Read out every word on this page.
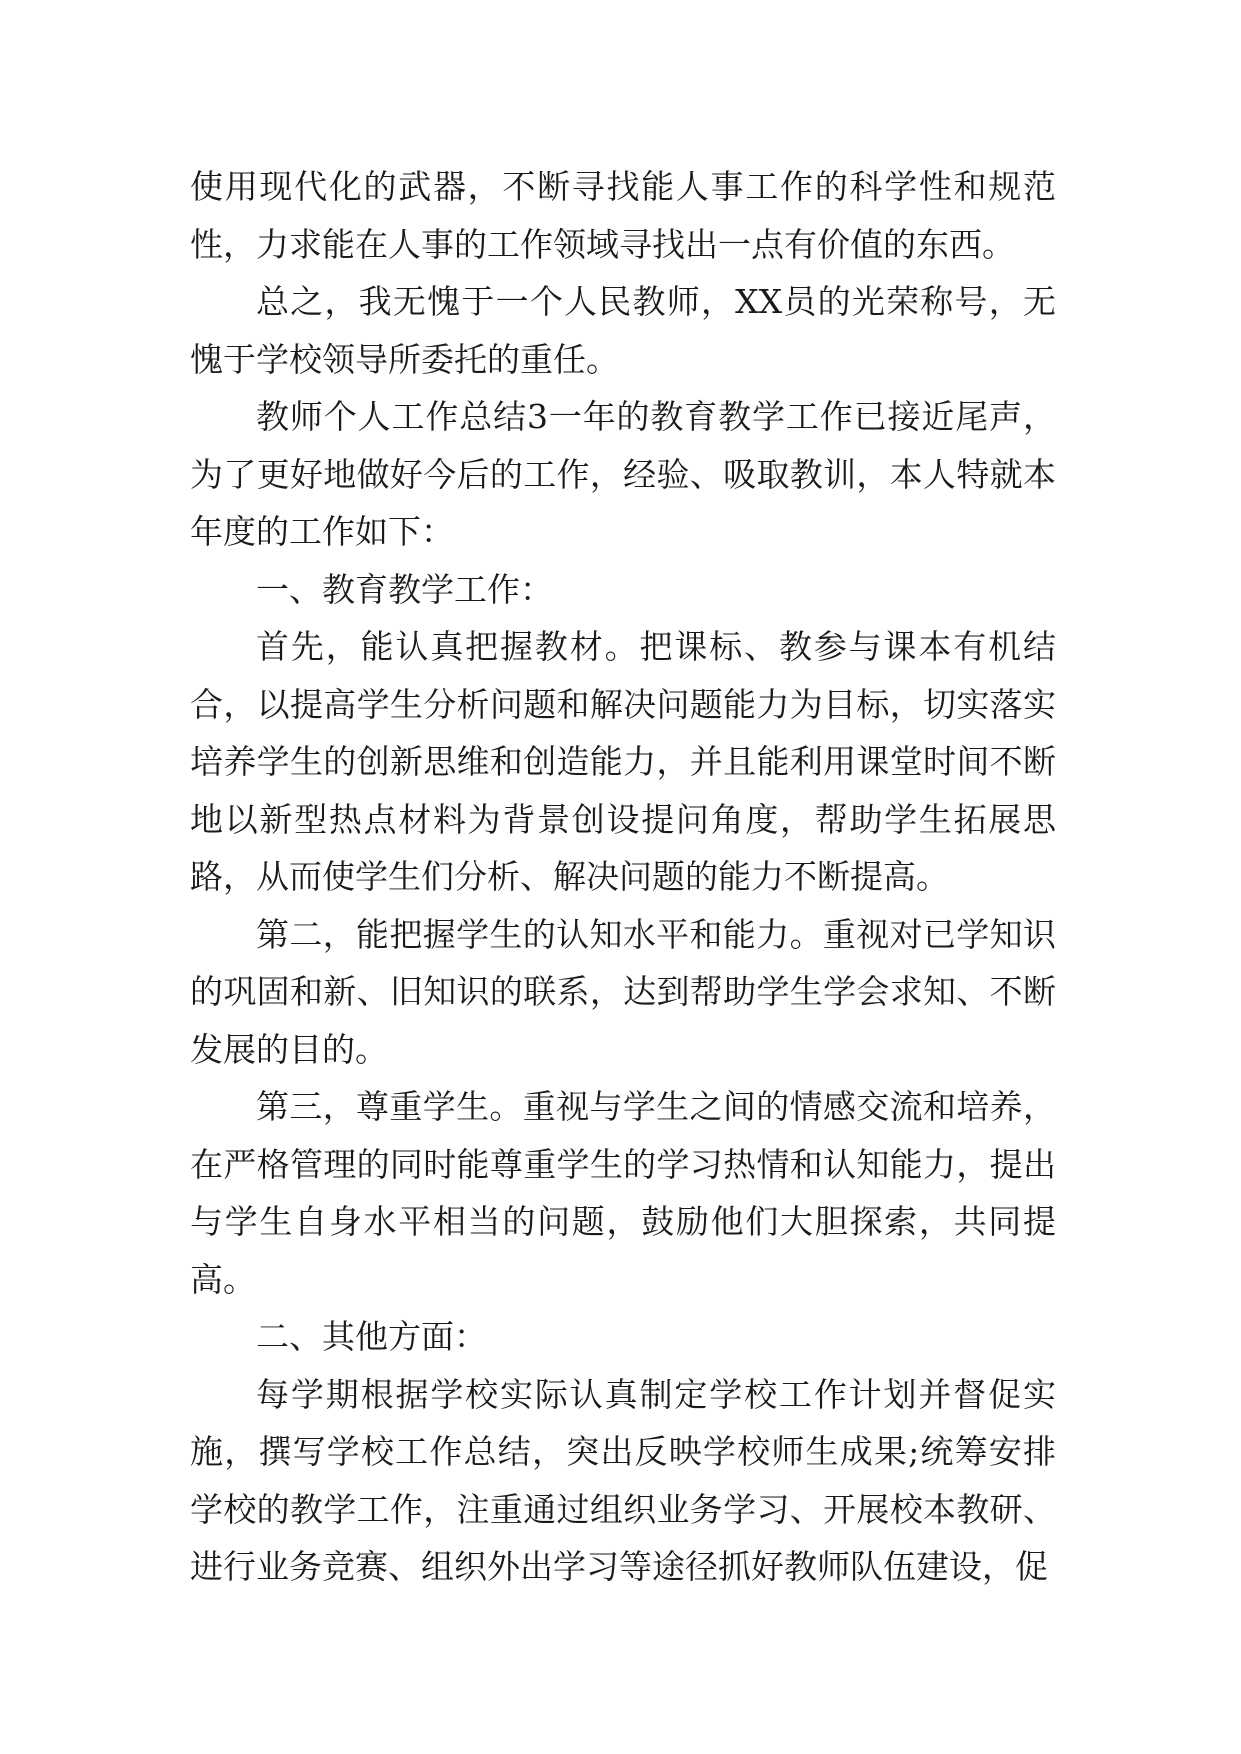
使用现代化的武器，不断寻找能人事工作的科学性和规范性，力求能在人事的工作领域寻找出一点有价值的东西。

总之，我无愧于一个人民教师，XX员的光荣称号，无愧于学校领导所委托的重任。

教师个人工作总结3一年的教育教学工作已接近尾声，为了更好地做好今后的工作，经验、吸取教训，本人特就本年度的工作如下：

一、教育教学工作：

首先，能认真把握教材。把课标、教参与课本有机结合，以提高学生分析问题和解决问题能力为目标，切实落实培养学生的创新思维和创造能力，并且能利用课堂时间不断地以新型热点材料为背景创设提问角度，帮助学生拓展思路，从而使学生们分析、解决问题的能力不断提高。

第二，能把握学生的认知水平和能力。重视对已学知识的巩固和新、旧知识的联系，达到帮助学生学会求知、不断发展的目的。

第三，尊重学生。重视与学生之间的情感交流和培养，在严格管理的同时能尊重学生的学习热情和认知能力，提出与学生自身水平相当的问题，鼓励他们大胆探索，共同提高。

二、其他方面：

每学期根据学校实际认真制定学校工作计划并督促实施，撰写学校工作总结，突出反映学校师生成果;统筹安排学校的教学工作，注重通过组织业务学习、开展校本教研、进行业务竞赛、组织外出学习等途径抓好教师队伍建设，促
